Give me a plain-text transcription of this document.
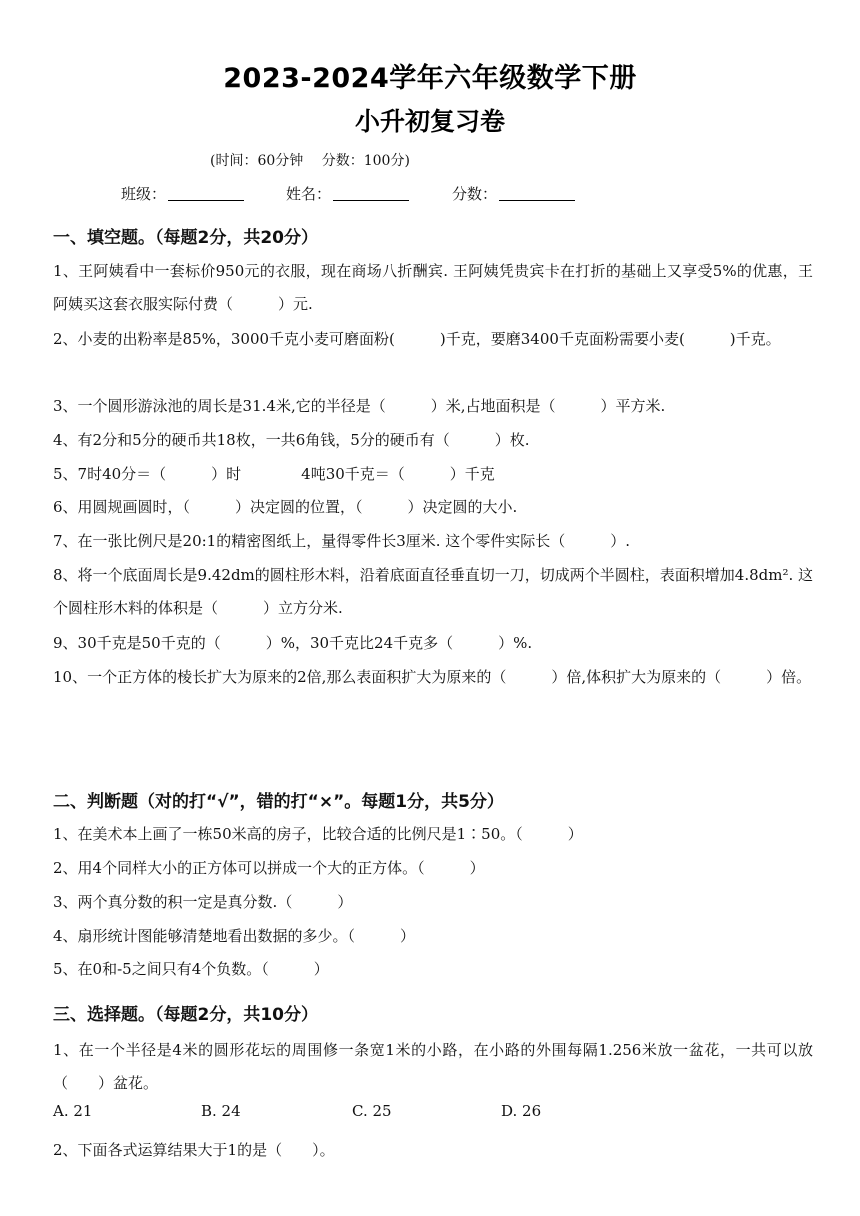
2023-2024学年六年级数学下册
小升初复习卷
(时间：60分钟　 分数：100分)
班级：	姓名：	分数：
一、填空题。（每题2分，共20分）
1、王阿姨看中一套标价950元的衣服，现在商场八折酬宾. 王阿姨凭贵宾卡在打折的基础上又享受5%的优惠，王阿姨买这套衣服实际付费（　　　）元.
2、小麦的出粉率是85%，3000千克小麦可磨面粉(　　　)千克，要磨3400千克面粉需要小麦(　　　)千克。
3、一个圆形游泳池的周长是31.4米,它的半径是（　　　）米,占地面积是（　　　）平方米.
4、有2分和5分的硬币共18枚，一共6角钱，5分的硬币有（　　　）枚.
5、7时40分＝（　　　）时　　　　4吨30千克＝（　　　）千克
6、用圆规画圆时，（　　　）决定圆的位置，（　　　）决定圆的大小.
7、在一张比例尺是20:1的精密图纸上，量得零件长3厘米. 这个零件实际长（　　　）.
8、将一个底面周长是9.42dm的圆柱形木料，沿着底面直径垂直切一刀，切成两个半圆柱，表面积增加4.8dm². 这个圆柱形木料的体积是（　　　）立方分米.
9、30千克是50千克的（　　　）%，30千克比24千克多（　　　）%.
10、一个正方体的棱长扩大为原来的2倍,那么表面积扩大为原来的（　　　）倍,体积扩大为原来的（　　　）倍。
二、判断题（对的打“√”，错的打“×”。每题1分，共5分）
1、在美术本上画了一栋50米高的房子，比较合适的比例尺是1∶50。（　　　）
2、用4个同样大小的正方体可以拼成一个大的正方体。（　　　）
3、两个真分数的积一定是真分数.（　　　）
4、扇形统计图能够清楚地看出数据的多少。（　　　）
5、在0和-5之间只有4个负数。（　　　）
三、选择题。（每题2分，共10分）
1、在一个半径是4米的圆形花坛的周围修一条宽1米的小路，在小路的外围每隔1.256米放一盆花，一共可以放（　　）盆花。
A. 21	B. 24	C. 25	D. 26
2、下面各式运算结果大于1的是（　　）。
